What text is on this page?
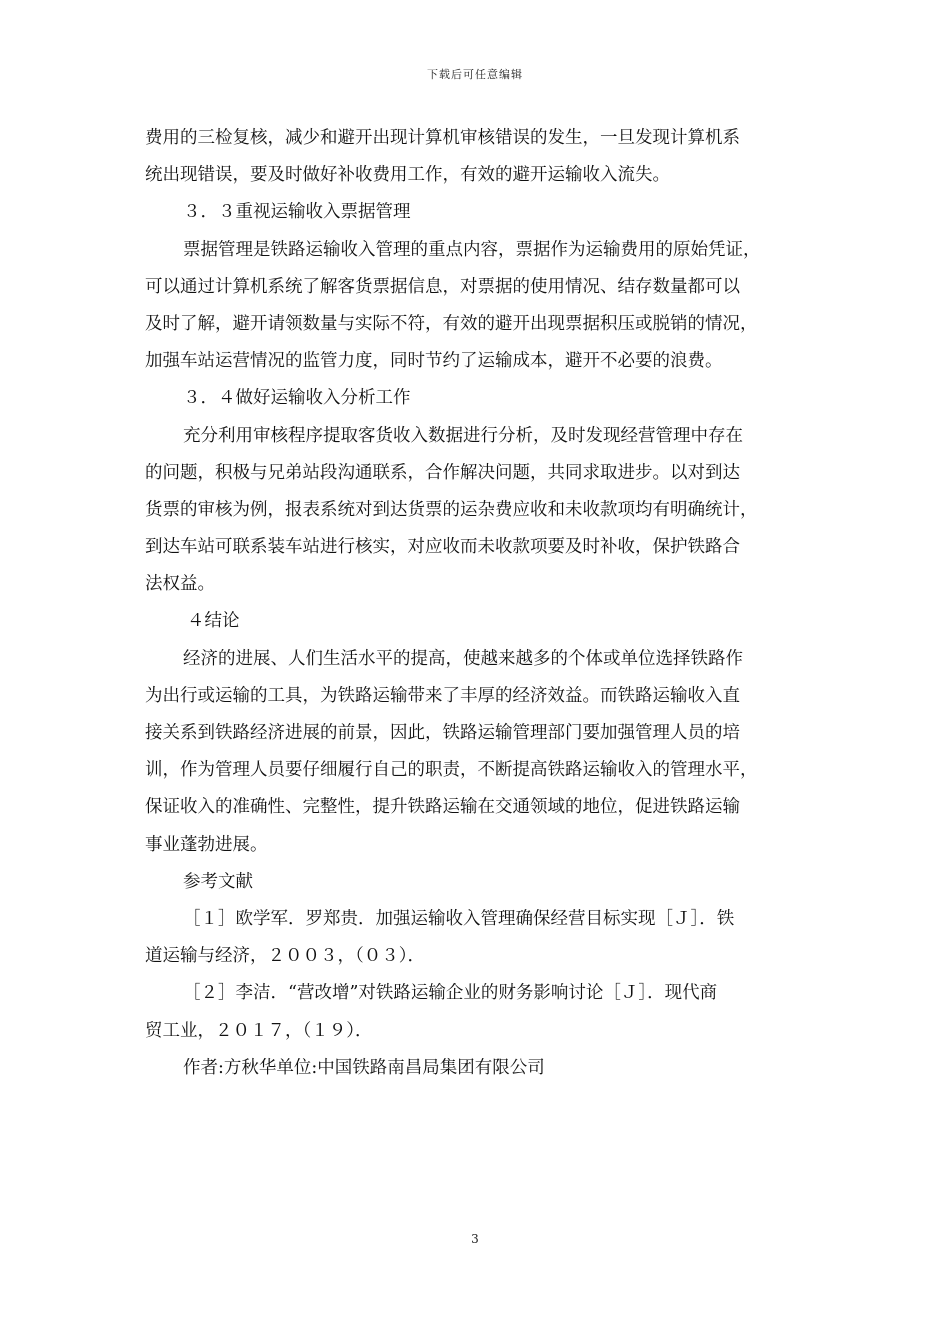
下载后可任意编辑
费用的三检复核，减少和避开出现计算机审核错误的发生，一旦发现计算机系
统出现错误，要及时做好补收费用工作，有效的避开运输收入流失。
３．３重视运输收入票据管理
票据管理是铁路运输收入管理的重点内容，票据作为运输费用的原始凭证，
可以通过计算机系统了解客货票据信息，对票据的使用情况、结存数量都可以
及时了解，避开请领数量与实际不符，有效的避开出现票据积压或脱销的情况，
加强车站运营情况的监管力度，同时节约了运输成本，避开不必要的浪费。
３．４做好运输收入分析工作
充分利用审核程序提取客货收入数据进行分析，及时发现经营管理中存在
的问题，积极与兄弟站段沟通联系，合作解决问题，共同求取进步。以对到达
货票的审核为例，报表系统对到达货票的运杂费应收和未收款项均有明确统计，
到达车站可联系装车站进行核实，对应收而未收款项要及时补收，保护铁路合
法权益。
４结论
经济的进展、人们生活水平的提高，使越来越多的个体或单位选择铁路作
为出行或运输的工具，为铁路运输带来了丰厚的经济效益。而铁路运输收入直
接关系到铁路经济进展的前景，因此，铁路运输管理部门要加强管理人员的培
训，作为管理人员要仔细履行自己的职责，不断提高铁路运输收入的管理水平，
保证收入的准确性、完整性，提升铁路运输在交通领域的地位，促进铁路运输
事业蓬勃进展。
参考文献
［１］欧学军．罗郑贵．加强运输收入管理确保经营目标实现［Ｊ］．铁
道运输与经济，２００３，（０３）．
［２］李洁．“营改增”对铁路运输企业的财务影响讨论［Ｊ］．现代商
贸工业，２０１７，（１９）．
作者:方秋华单位:中国铁路南昌局集团有限公司
3
